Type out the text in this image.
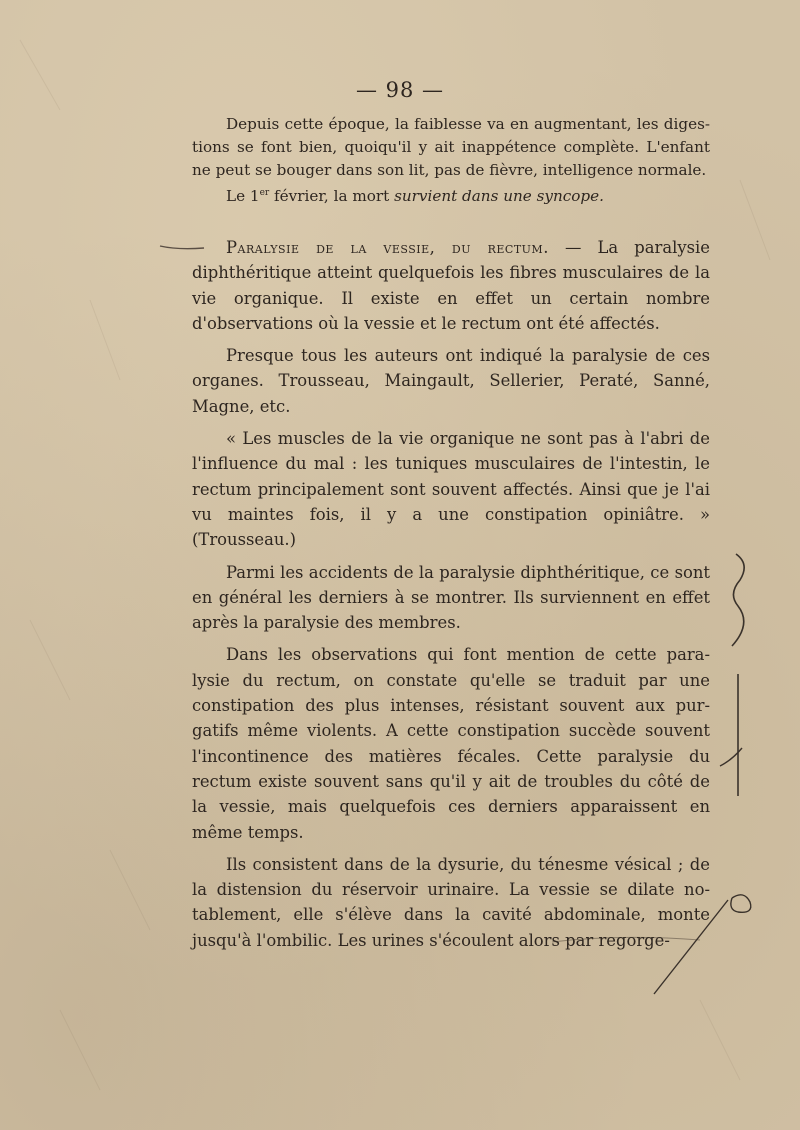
— 98 —

Depuis cette époque, la faiblesse va en augmentant, les diges- tions se font bien, quoiqu'il y ait inappétence complète. L'enfant ne peut se bouger dans son lit, pas de fièvre, intelligence normale.

Le 1er février, la mort survient dans une syncope.

Paralysie de la vessie, du rectum. — La paralysie diphthéritique atteint quelquefois les fibres musculaires de la vie organique. Il existe en effet un certain nombre d'observations où la vessie et le rectum ont été affectés.

Presque tous les auteurs ont indiqué la paralysie de ces organes. Trousseau, Maingault, Sellerier, Peraté, Sanné, Magne, etc.

« Les muscles de la vie organique ne sont pas à l'abri de l'influence du mal : les tuniques musculaires de l'intestin, le rectum principalement sont souvent affectés. Ainsi que je l'ai vu maintes fois, il y a une constipation opiniâtre. » (Trousseau.)

Parmi les accidents de la paralysie diphthéritique, ce sont en général les derniers à se montrer. Ils surviennent en effet après la paralysie des membres.

Dans les observations qui font mention de cette para- lysie du rectum, on constate qu'elle se traduit par une constipation des plus intenses, résistant souvent aux pur- gatifs même violents. A cette constipation succède souvent l'incontinence des matières fécales. Cette paralysie du rectum existe souvent sans qu'il y ait de troubles du côté de la vessie, mais quelquefois ces derniers apparaissent en même temps.

Ils consistent dans de la dysurie, du ténesme vésical ; de la distension du réservoir urinaire. La vessie se dilate no- tablement, elle s'élève dans la cavité abdominale, monte jusqu'à l'ombilic. Les urines s'écoulent alors par regorge-
